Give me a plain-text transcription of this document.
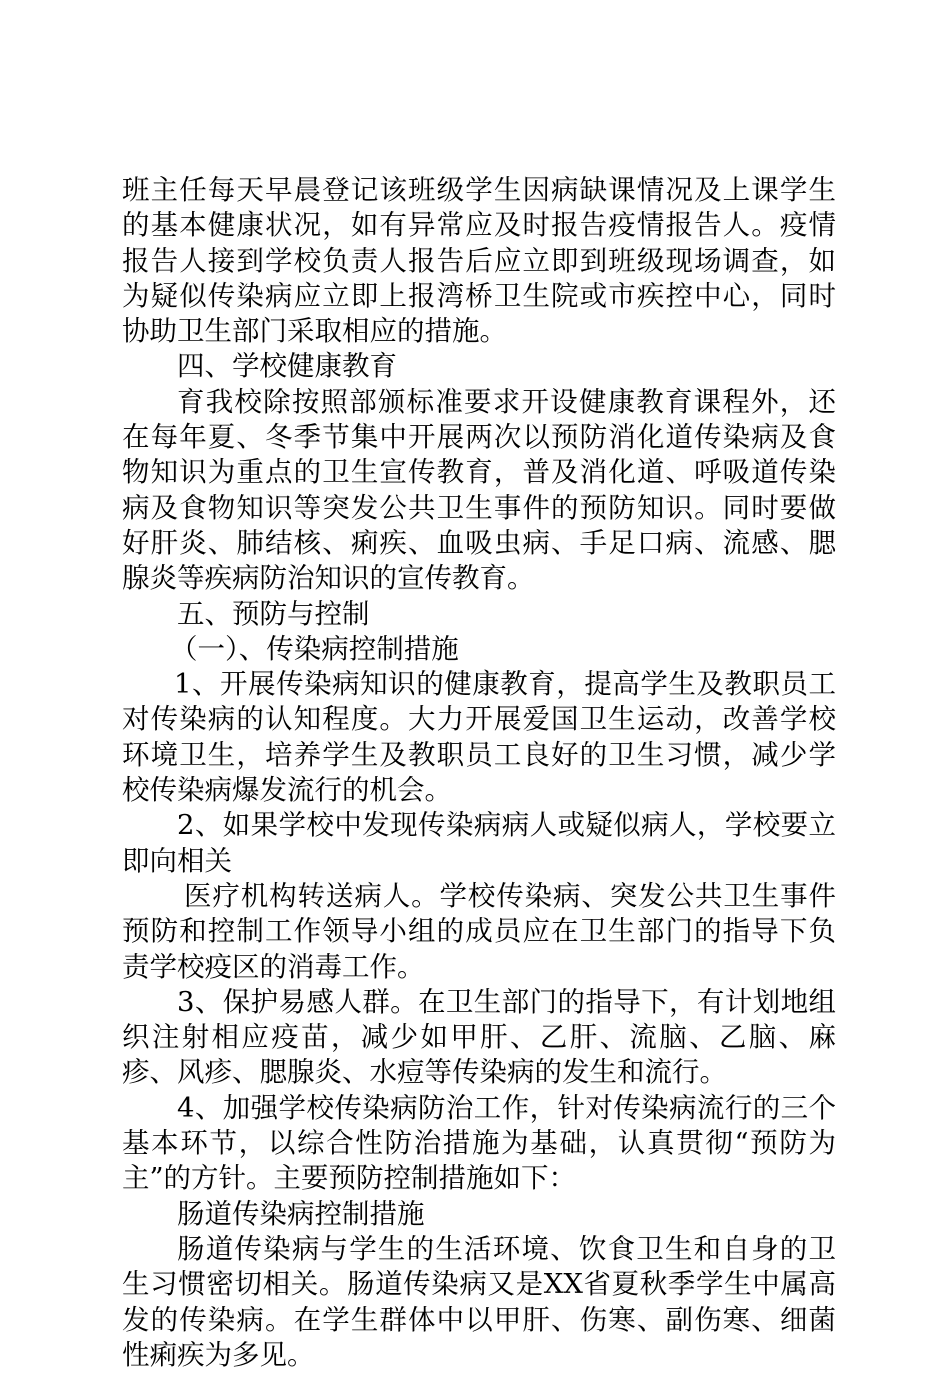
班主任每天早晨登记该班级学生因病缺课情况及上课学生的基本健康状况，如有异常应及时报告疫情报告人。疫情报告人接到学校负责人报告后应立即到班级现场调查，如为疑似传染病应立即上报湾桥卫生院或市疾控中心，同时协助卫生部门采取相应的措施。

四、学校健康教育

育我校除按照部颁标准要求开设健康教育课程外，还在每年夏、冬季节集中开展两次以预防消化道传染病及食物知识为重点的卫生宣传教育，普及消化道、呼吸道传染病及食物知识等突发公共卫生事件的预防知识。同时要做好肝炎、肺结核、痢疾、血吸虫病、手足口病、流感、腮腺炎等疾病防治知识的宣传教育。

五、预防与控制

（一）、传染病控制措施

1、开展传染病知识的健康教育，提高学生及教职员工对传染病的认知程度。大力开展爱国卫生运动，改善学校环境卫生，培养学生及教职员工良好的卫生习惯，减少学校传染病爆发流行的机会。

2、如果学校中发现传染病病人或疑似病人，学校要立即向相关

医疗机构转送病人。学校传染病、突发公共卫生事件预防和控制工作领导小组的成员应在卫生部门的指导下负责学校疫区的消毒工作。

3、保护易感人群。在卫生部门的指导下，有计划地组织注射相应疫苗，减少如甲肝、乙肝、流脑、乙脑、麻疹、风疹、腮腺炎、水痘等传染病的发生和流行。

4、加强学校传染病防治工作，针对传染病流行的三个基本环节，以综合性防治措施为基础，认真贯彻“预防为主”的方针。主要预防控制措施如下：

肠道传染病控制措施

肠道传染病与学生的生活环境、饮食卫生和自身的卫生习惯密切相关。肠道传染病又是XX省夏秋季学生中属高发的传染病。在学生群体中以甲肝、伤寒、副伤寒、细菌性痢疾为多见。
